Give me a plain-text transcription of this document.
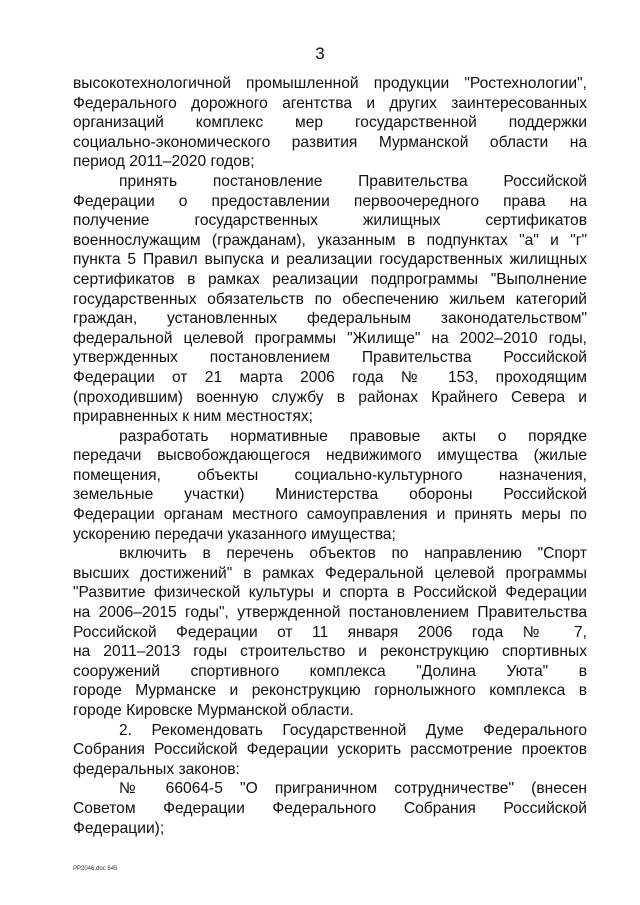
3
высокотехнологичной промышленной продукции "Ростехнологии",
Федерального дорожного агентства и других заинтересованных
организаций комплекс мер государственной поддержки
социально-экономического развития Мурманской области на
период 2011–2020 годов;
принять постановление Правительства Российской
Федерации о предоставлении первоочередного права на
получение государственных жилищных сертификатов
военнослужащим (гражданам), указанным в подпунктах "а" и "г"
пункта 5 Правил выпуска и реализации государственных жилищных
сертификатов в рамках реализации подпрограммы "Выполнение
государственных обязательств по обеспечению жильем категорий
граждан, установленных федеральным законодательством"
федеральной целевой программы "Жилище" на 2002–2010 годы,
утвержденных постановлением Правительства Российской
Федерации от 21 марта 2006 года № 153, проходящим
(проходившим) военную службу в районах Крайнего Севера и
приравненных к ним местностях;
разработать нормативные правовые акты о порядке
передачи высвобождающегося недвижимого имущества (жилые
помещения, объекты социально-культурного назначения,
земельные участки) Министерства обороны Российской
Федерации органам местного самоуправления и принять меры по
ускорению передачи указанного имущества;
включить в перечень объектов по направлению "Спорт
высших достижений" в рамках Федеральной целевой программы
"Развитие физической культуры и спорта в Российской Федерации
на 2006–2015 годы", утвержденной постановлением Правительства
Российской Федерации от 11 января 2006 года № 7,
на 2011–2013 годы строительство и реконструкцию спортивных
сооружений спортивного комплекса "Долина Уюта" в
городе Мурманске и реконструкцию горнолыжного комплекса в
городе Кировске Мурманской области.
2. Рекомендовать Государственной Думе Федерального
Собрания Российской Федерации ускорить рассмотрение проектов
федеральных законов:
№ 66064-5 "О приграничном сотрудничестве" (внесен
Советом Федерации Федерального Собрания Российской
Федерации);
PP2046.doc 645
